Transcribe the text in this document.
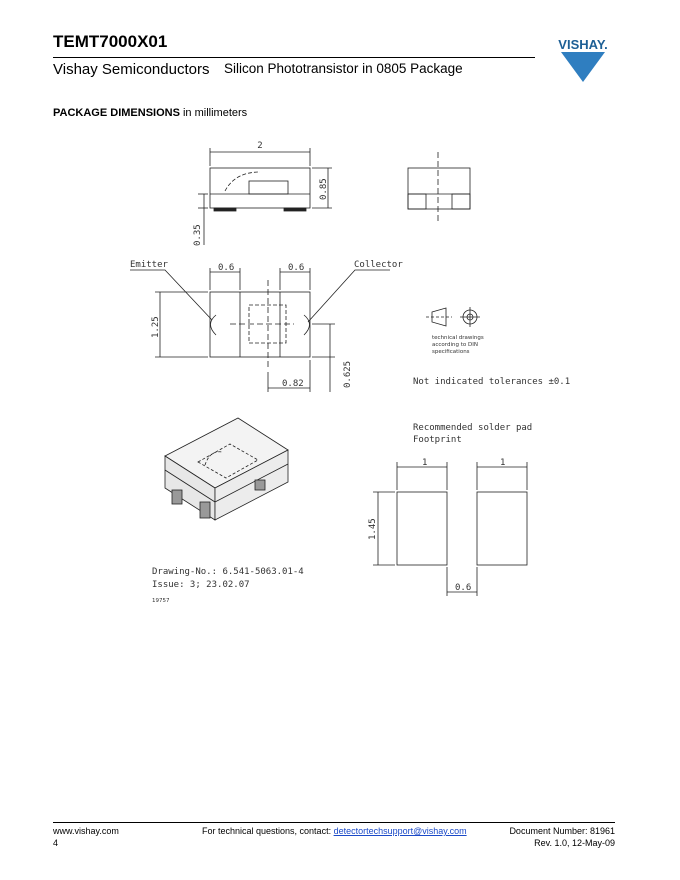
TEMT7000X01
Vishay Semiconductors Silicon Phototransistor in 0805 Package
VISHAY.
PACKAGE DIMENSIONS in millimeters
2
0.85
0.35
Emitter	Collector
0.6	0.6
1.25
0.82	0.625
technical drawings
according to DIN
specifications
Not indicated tolerances ±0.1
Recommended solder pad
Footprint
1	1
1.45
0.6
Drawing-No.: 6.541-5063.01-4
Issue: 3; 23.02.07
19757
www.vishay.com	For technical questions, contact: detectortechsupport@vishay.com	Document Number: 81961
4	Rev. 1.0, 12-May-09
